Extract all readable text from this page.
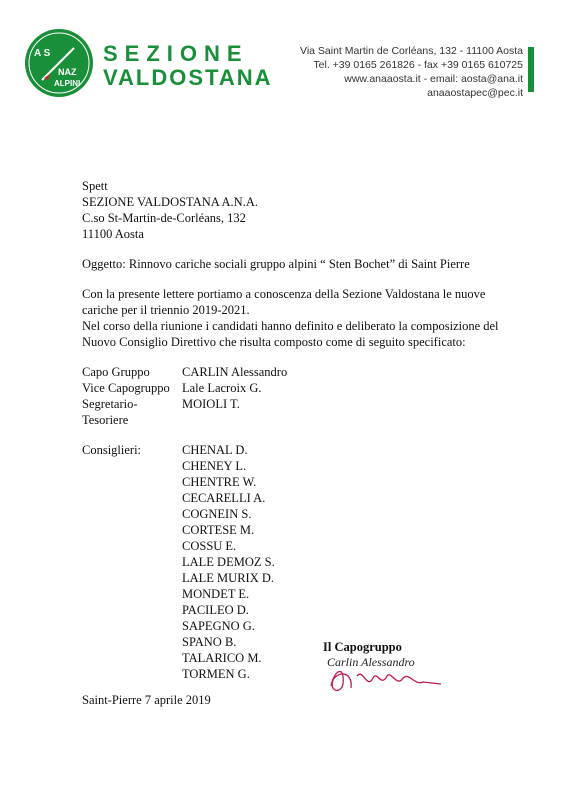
A S
NAZ
ALPINI
SEZIONE
VALDOSTANA
Via Saint Martin de Corléans, 132 - 11100 Aosta
Tel. +39 0165 261826 - fax +39 0165 610725
www.anaaosta.it - email: aosta@ana.it
anaaostapec@pec.it

Spett

SEZIONE VALDOSTANA A.N.A.

C.so St-Martin-de-Corléans, 132

11100 Aosta

Oggetto: Rinnovo cariche sociali gruppo alpini “ Sten Bochet” di Saint Pierre

Con la presente lettere portiamo a conoscenza della Sezione Valdostana le nuove cariche per il triennio 2019-2021.

Nel corso della riunione i candidati hanno definito e deliberato la composizione del Nuovo Consiglio Direttivo che risulta composto come di seguito specificato:

Capo Gruppo	CARLIN Alessandro
Vice Capogruppo Lale Lacroix G.
Segretario-Tesoriere
MOIOLI T.
Consiglieri:	CHENAL D.
CHENEY L.
CHENTRE W.
CECARELLI A.
COGNEIN S.
CORTESE M.
COSSU E.
LALE DEMOZ S.
LALE MURIX D.
MONDET E.
PACILEO D.
SAPEGNO G.
SPANO B.
TALARICO M.
TORMEN G.
Il Capogruppo
Carlin Alessandro
Saint-Pierre 7 aprile 2019
